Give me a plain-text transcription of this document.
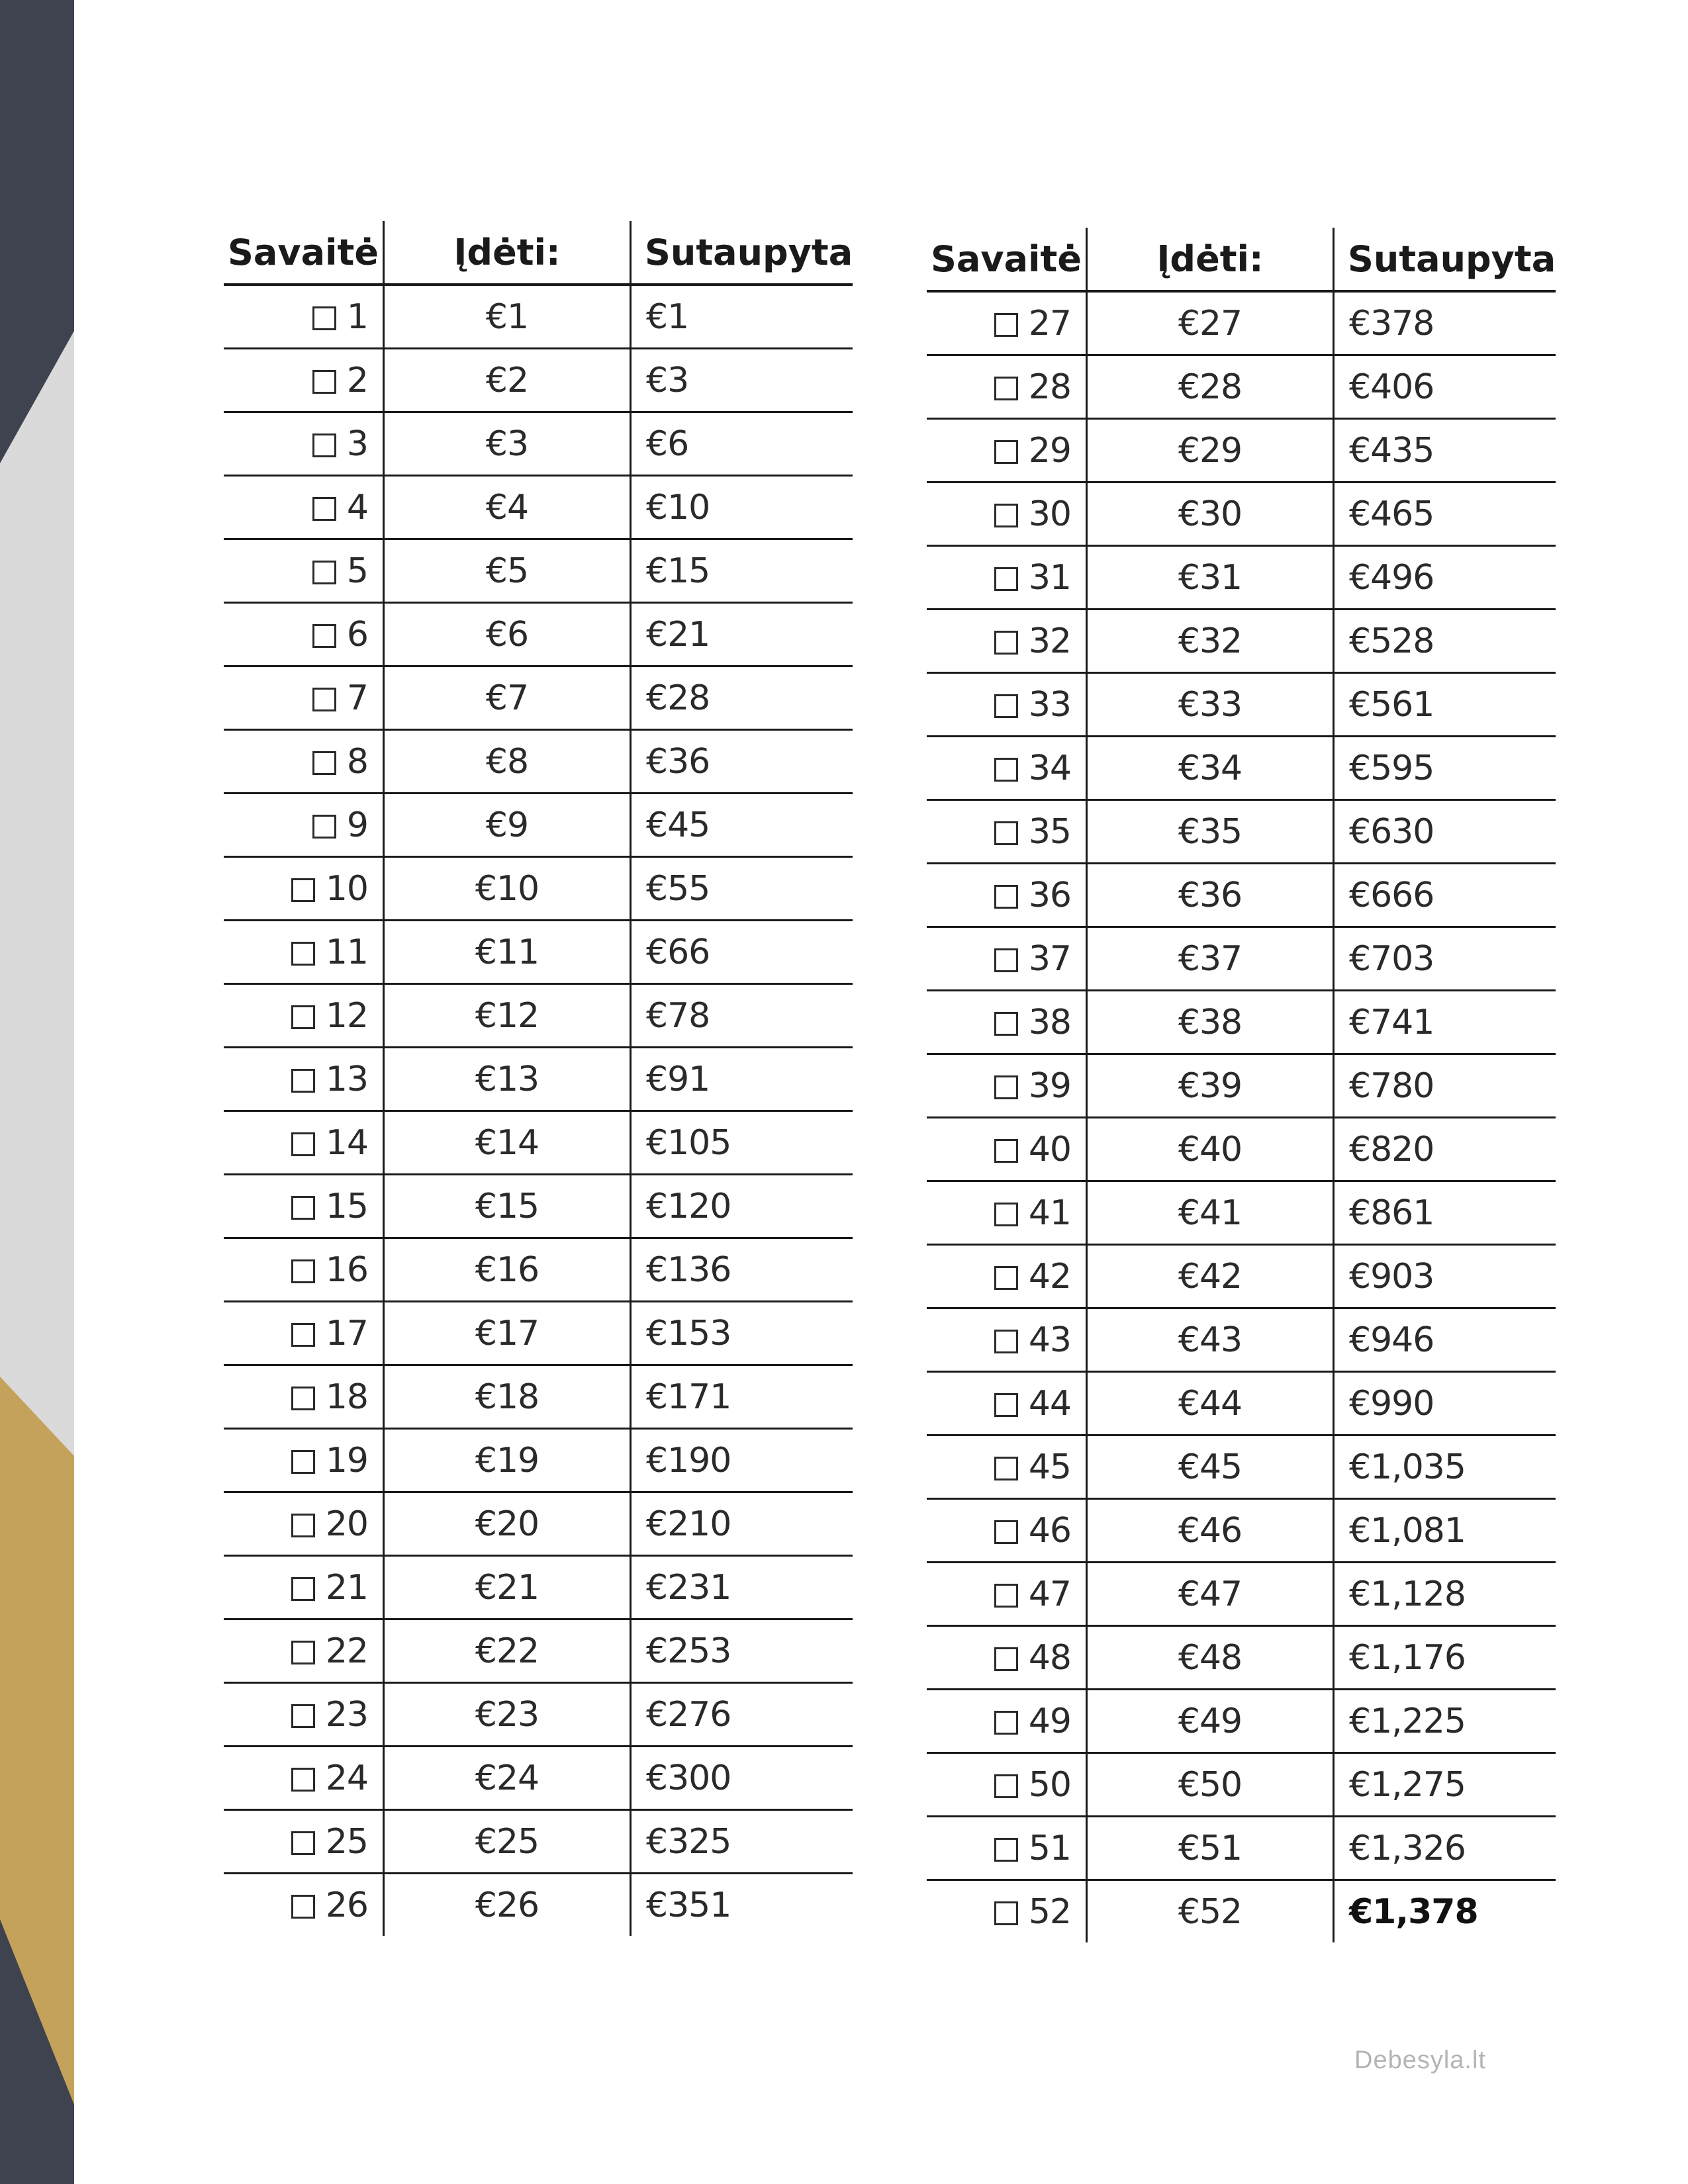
Savaitė	Įdėti:	Sutaupyta
1	€1	€1
2	€2	€3
3	€3	€6
4	€4	€10
5	€5	€15
6	€6	€21
7	€7	€28
8	€8	€36
9	€9	€45
10	€10	€55
11	€11	€66
12	€12	€78
13	€13	€91
14	€14	€105
15	€15	€120
16	€16	€136
17	€17	€153
18	€18	€171
19	€19	€190
20	€20	€210
21	€21	€231
22	€22	€253
23	€23	€276
24	€24	€300
25	€25	€325
26	€26	€351
Savaitė	Įdėti:	Sutaupyta
27	€27	€378
28	€28	€406
29	€29	€435
30	€30	€465
31	€31	€496
32	€32	€528
33	€33	€561
34	€34	€595
35	€35	€630
36	€36	€666
37	€37	€703
38	€38	€741
39	€39	€780
40	€40	€820
41	€41	€861
42	€42	€903
43	€43	€946
44	€44	€990
45	€45	€1,035
46	€46	€1,081
47	€47	€1,128
48	€48	€1,176
49	€49	€1,225
50	€50	€1,275
51	€51	€1,326
52	€52	€1,378
Debesyla.lt
